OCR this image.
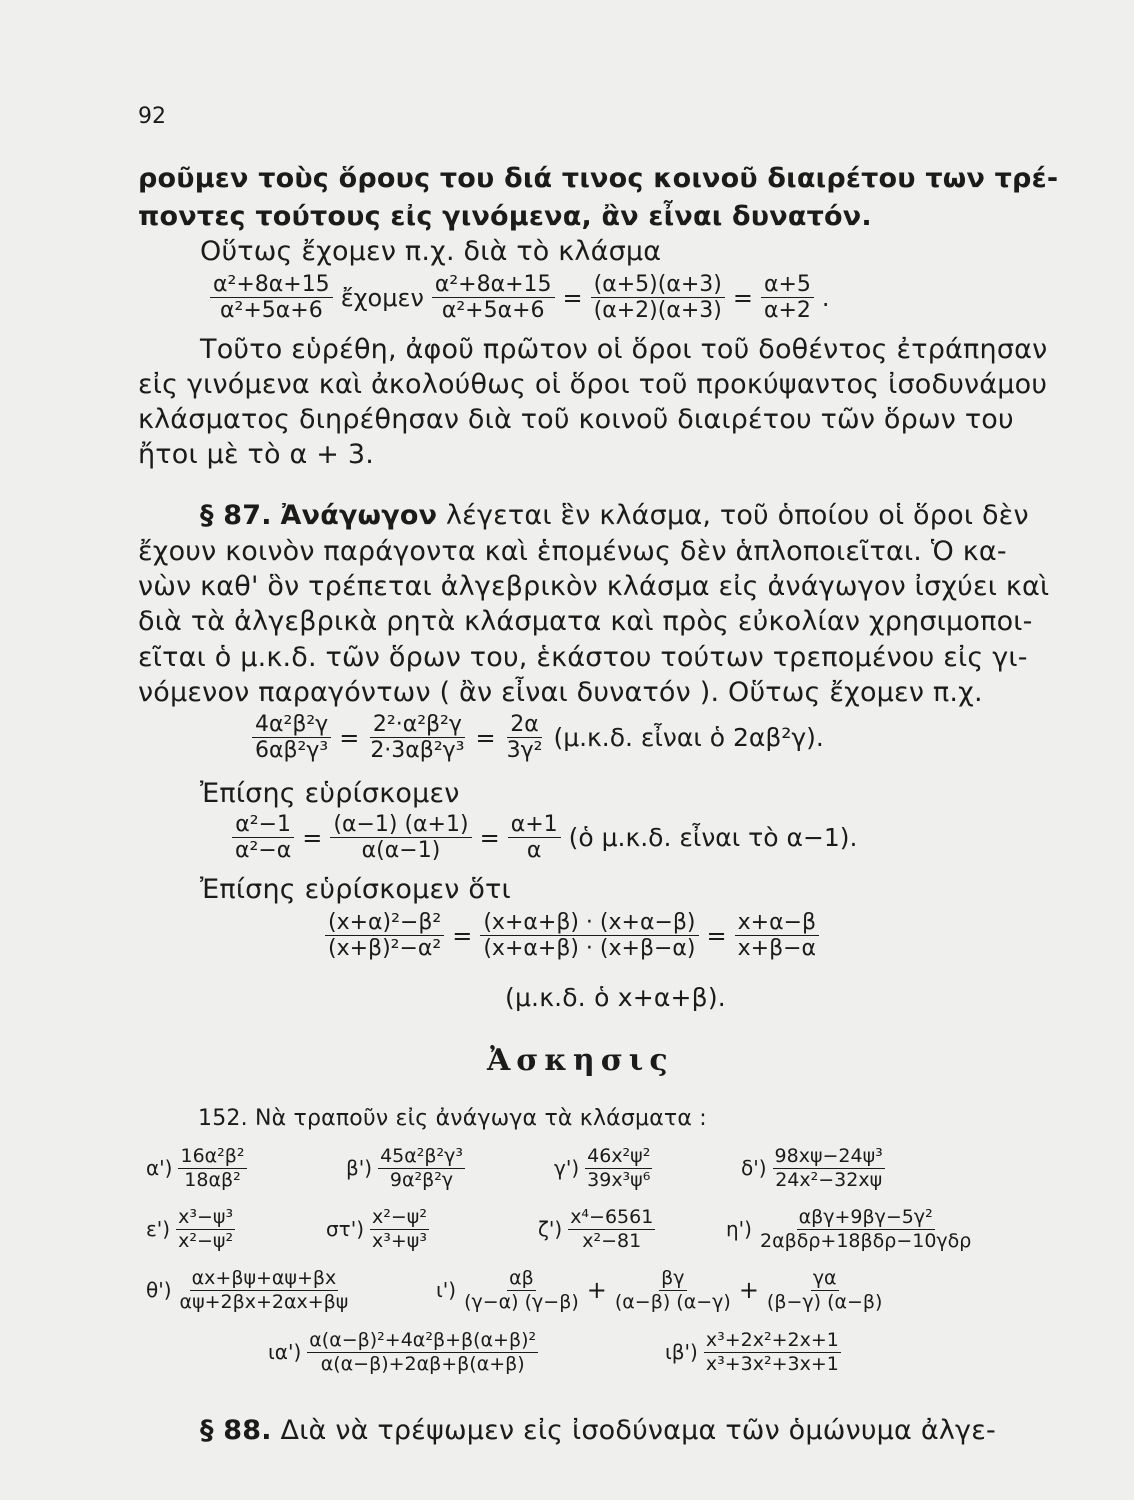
92
ροῦμεν τοὺς ὅρους του διά τινος κοινοῦ διαιρέτου των τρέ-
ποντες τούτους εἰς γινόμενα, ἂν εἶναι δυνατόν.
Οὕτως ἔχομεν π.χ. διὰ τὸ κλάσμα
$\frac{\text{α²+8α+15}}{\text{α²+5α+6}}$ ἔχομεν $\frac{\text{α²+8α+15}}{\text{α²+5α+6}} = \frac{(\alpha+5)(\alpha+3)}{(\alpha+2)(\alpha+3)} = \frac{\alpha+5}{\alpha+2}$ .
Τοῦτο εὑρέθη, ἀφοῦ πρῶτον οἱ ὅροι τοῦ δοθέντος ἐτράπησαν
εἰς γινόμενα καὶ ἀκολούθως οἱ ὅροι τοῦ προκύψαντος ἰσοδυνάμου
κλάσματος διηρέθησαν διὰ τοῦ κοινοῦ διαιρέτου τῶν ὅρων του
ἤτοι μὲ τὸ α + 3.
§ 87. Ἀνάγωγον λέγεται ἓν κλάσμα, τοῦ ὁποίου οἱ ὅροι δὲν
ἔχουν κοινὸν παράγοντα καὶ ἑπομένως δὲν ἁπλοποιεῖται. Ὁ κα-
νὼν καθ' ὃν τρέπεται ἀλγεβρικὸν κλάσμα εἰς ἀνάγωγον ἰσχύει καὶ
διὰ τὰ ἀλγεβρικὰ ρητὰ κλάσματα καὶ πρὸς εὐκολίαν χρησιμοποι-
εῖται ὁ μ.κ.δ. τῶν ὅρων του, ἑκάστου τούτων τρεπομένου εἰς γι-
νόμενον παραγόντων ( ἂν εἶναι δυνατόν ). Οὕτως ἔχομεν π.χ.
$\frac{\text{4α²β²γ}}{\text{6αβ²γ³}} = \frac{\text{2²·α²β²γ}}{\text{2·3αβ²γ³}} = \frac{2\alpha}{\text{3γ²}} (\mu.\kappa.\delta$. εἶναι ὁ 2αβ²γ).
Ἐπίσης εὑρίσκομεν
$\frac{\text{α²−1}}{\text{α²−α}} = \frac{(\alpha-1) (\alpha+1)}{\alpha(\alpha-1)} = \frac{\alpha+1}{\alpha}$ (ὁ μ.κ.δ. εἶναι τὸ α−1).
Ἐπίσης εὑρίσκομεν ὅτι
$\frac{\text{(x+α)²−β²}}{\text{(x+β)²−α²}} = \frac{(x+\alpha+\beta) \cdot (x+\alpha-\beta)}{(x+\alpha+\beta) \cdot (x+\beta-\alpha)} = \frac{x+\alpha-\beta}{x+\beta-\alpha}$
(μ.κ.δ. ὁ x+α+β).
Ἀσκησις
152. Νὰ τραποῦν εἰς ἀνάγωγα τὰ κλάσματα :
$\alpha') \frac{\text{16α²β²}}{\text{18αβ²}}$	$\beta') \frac{\text{45α²β²γ³}}{\text{9α²β²γ}}$	$\gamma') \frac{\text{46x²ψ²}}{\text{39x³ψ⁶}}$	$\delta') \frac{\text{98xψ−24ψ³}}{\text{24x²−32xψ}}$
$\varepsilon') \frac{\text{x³−ψ³}}{\text{x²−ψ²}}$	$\sigma\tau') \frac{\text{x²−ψ²}}{\text{x³+ψ³}}$	$\zeta') \frac{\text{x⁴−6561}}{\text{x²−81}}$	$\eta') \frac{\text{αβγ+9βγ−5γ²}}{\text{2αβδρ+18βδρ−10γδρ}}$
$\theta') \frac{\alpha x+\beta\psi+\alpha\psi+\beta x}{\alpha\psi+2\beta x+2\alpha x+\beta\psi}$	$\iota') \frac{\alpha\beta}{(\gamma-\alpha) (\gamma-\beta)} + \frac{\beta\gamma}{(\alpha-\beta) (\alpha-\gamma)} + \frac{\gamma\alpha}{(\beta-\gamma) (\alpha-\beta)}$
$\iota\alpha') \frac{\text{α(α−β)²+4α²β+β(α+β)²}}{\alpha(\alpha-\beta)+2\alpha\beta+\beta(\alpha+\beta)}$	$\iota\beta') \frac{\text{x³+2x²+2x+1}}{\text{x³+3x²+3x+1}}$
§ 88. Διὰ νὰ τρέψωμεν εἰς ἰσοδύναμα τῶν ὁμώνυμα ἀλγε-
